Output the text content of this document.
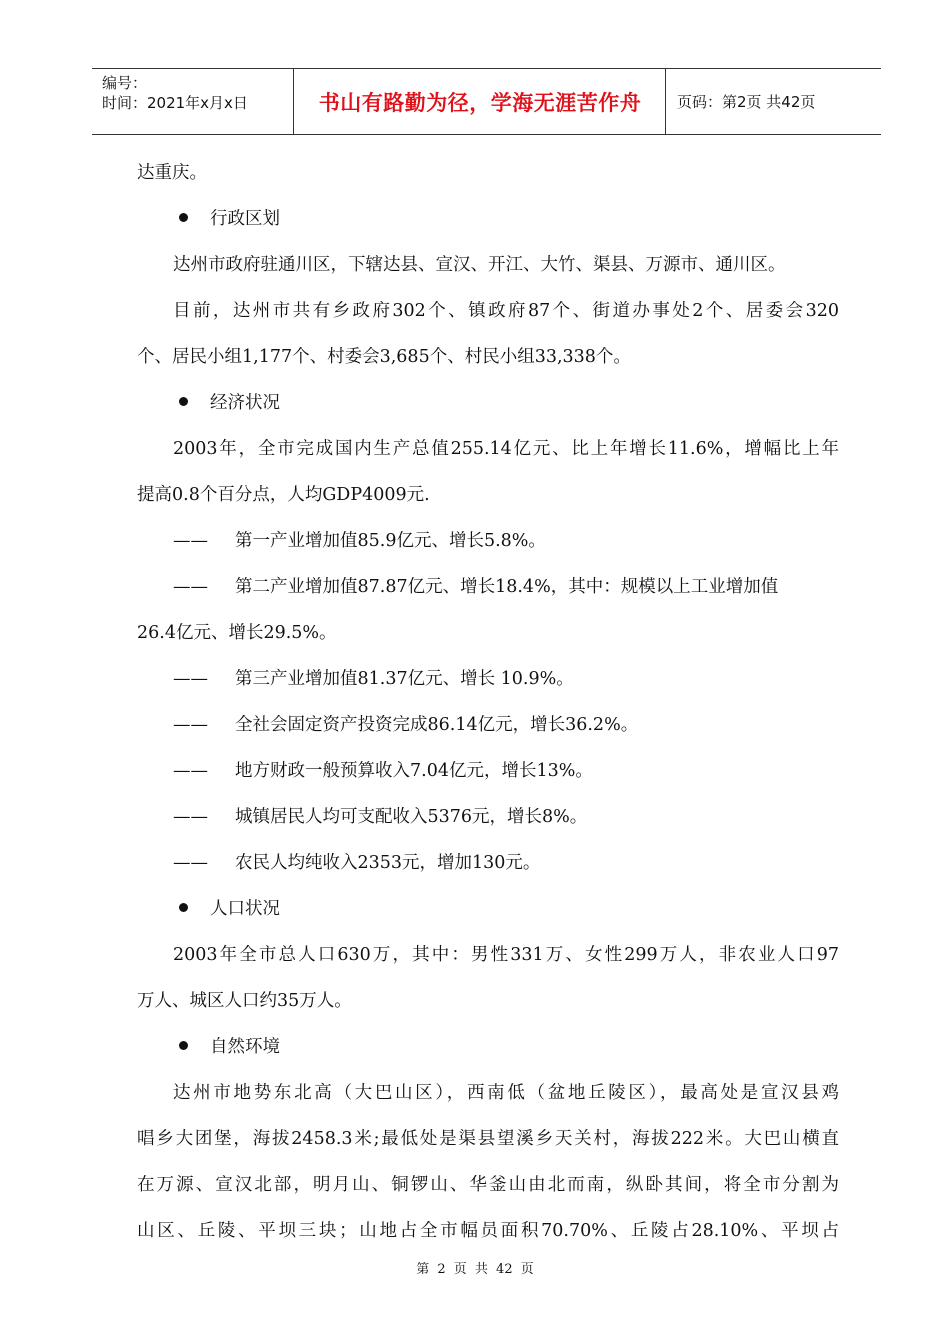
编号：
时间：2021年x月x日	书山有路勤为径，学海无涯苦作舟	页码：第2页 共42页
达重庆。
行政区划
达州市政府驻通川区，下辖达县、宣汉、开江、大竹、渠县、万源市、通川区。
目前，达州市共有乡政府302个、镇政府87个、街道办事处2个、居委会320
个、居民小组1,177个、村委会3,685个、村民小组33,338个。
经济状况
2003年，全市完成国内生产总值255.14亿元、比上年增长11.6%，增幅比上年
提高0.8个百分点，人均GDP4009元.
—— 第一产业增加值85.9亿元、增长5.8%。
—— 第二产业增加值87.87亿元、增长18.4%，其中：规模以上工业增加值
26.4亿元、增长29.5%。
—— 第三产业增加值81.37亿元、增长 10.9%。
—— 全社会固定资产投资完成86.14亿元，增长36.2%。
—— 地方财政一般预算收入7.04亿元，增长13%。
—— 城镇居民人均可支配收入5376元，增长8%。
—— 农民人均纯收入2353元，增加130元。
人口状况
2003年全市总人口630万，其中：男性331万、女性299万人，非农业人口97
万人、城区人口约35万人。
自然环境
达州市地势东北高（大巴山区），西南低（盆地丘陵区），最高处是宣汉县鸡
唱乡大团堡，海拔2458.3米;最低处是渠县望溪乡天关村，海拔222米。大巴山横直
在万源、宣汉北部，明月山、铜锣山、华釜山由北而南，纵卧其间，将全市分割为
山区、丘陵、平坝三块；山地占全市幅员面积70.70%、丘陵占28.10%、平坝占
第 2 页 共 42 页
